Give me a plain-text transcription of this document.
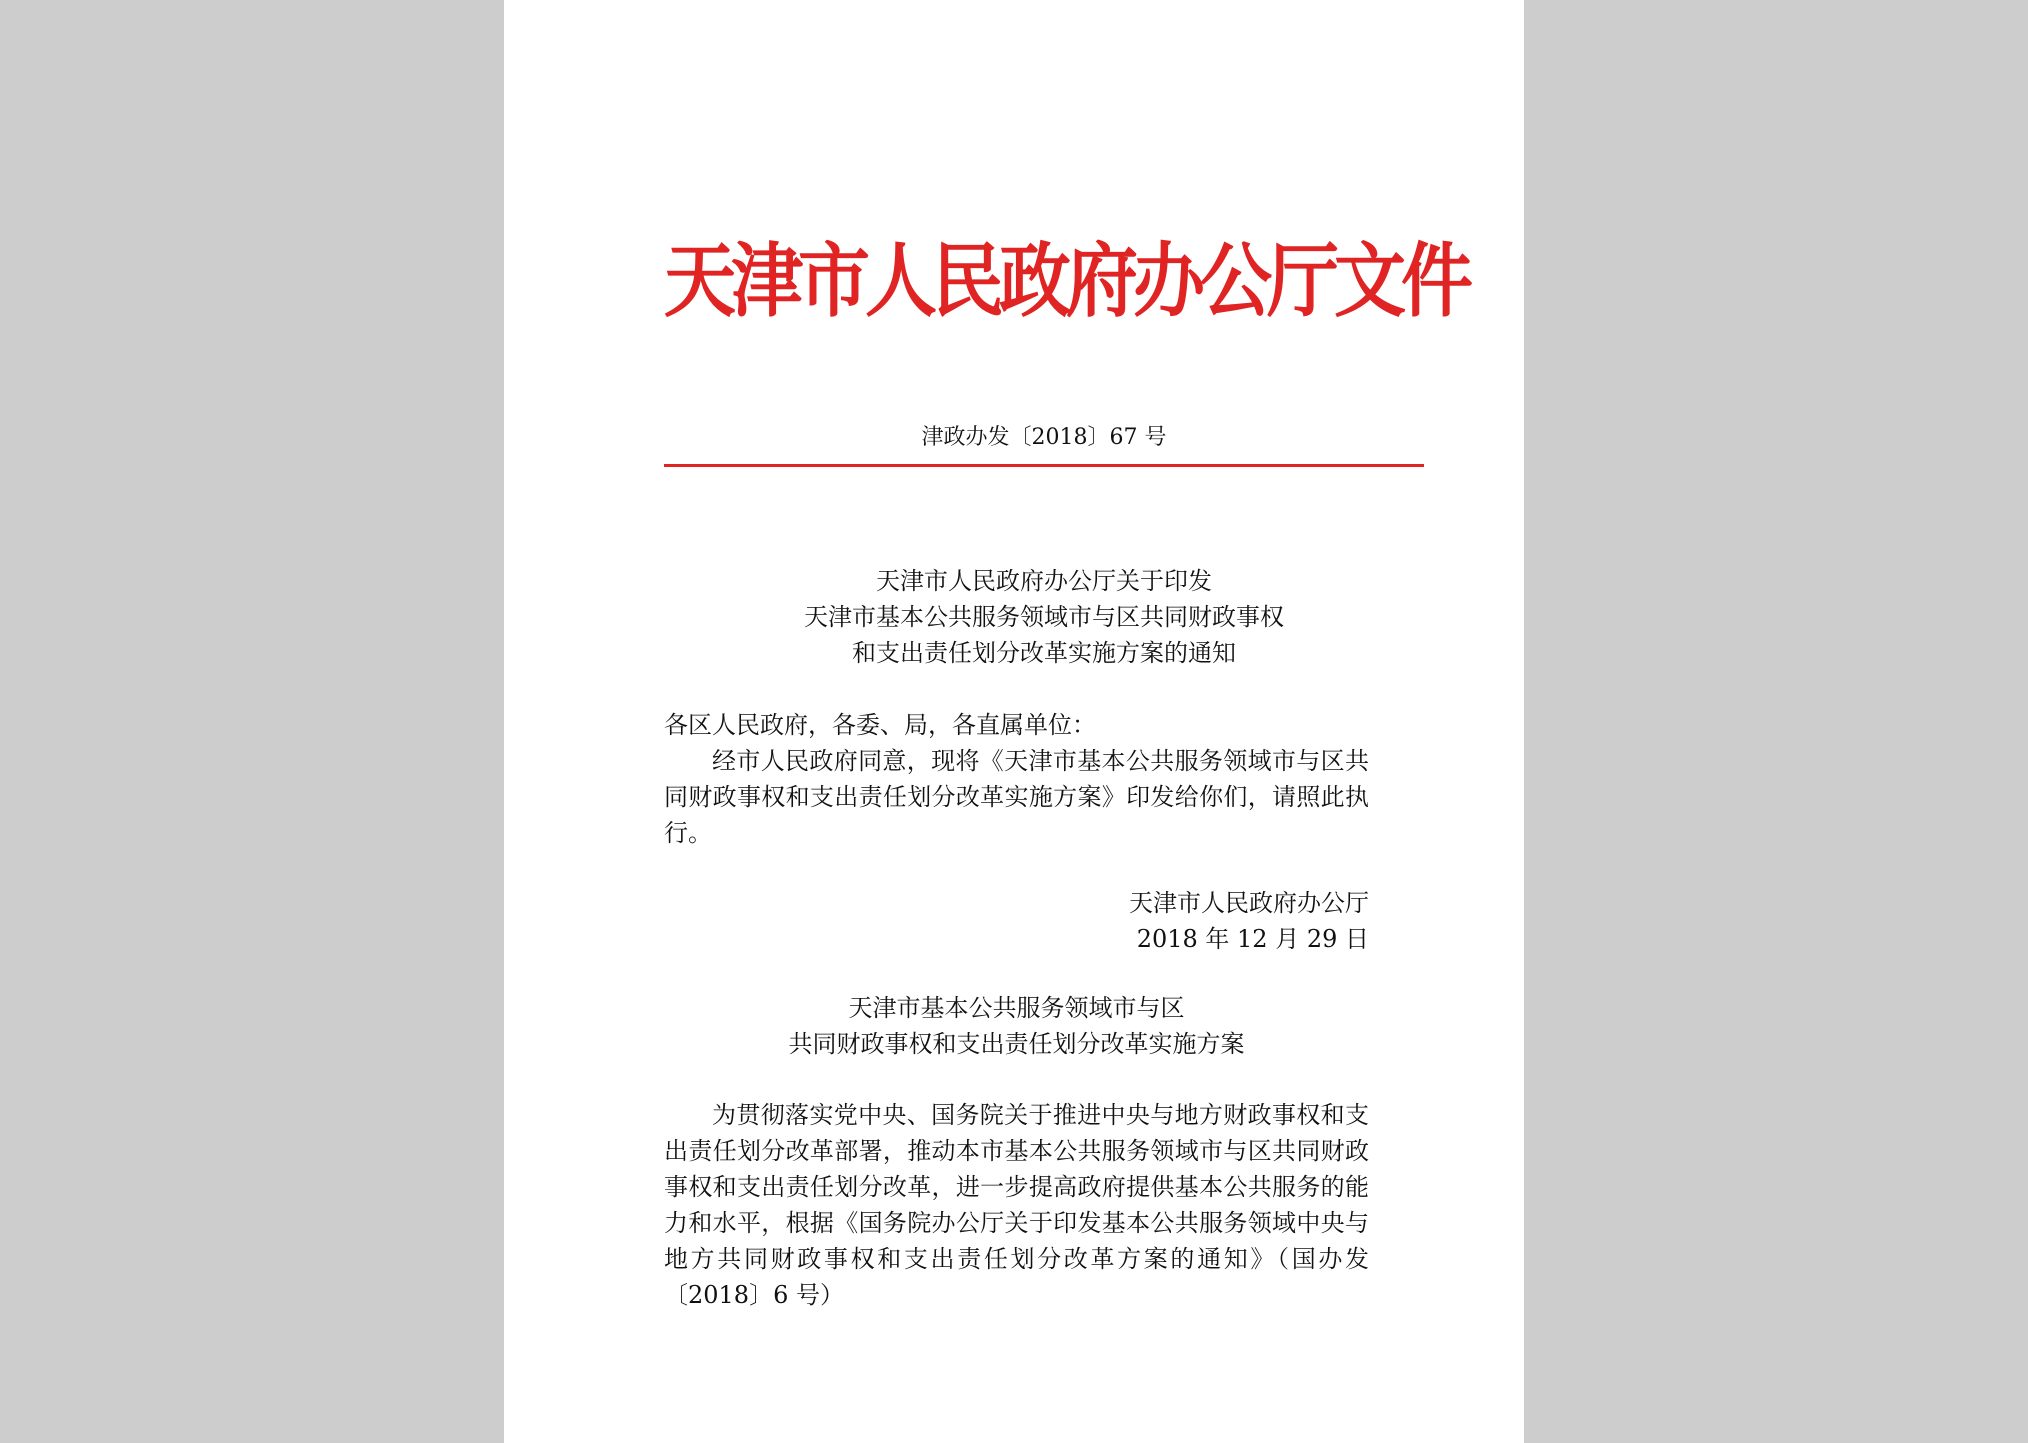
天津市人民政府办公厅文件
津政办发〔2018〕67 号
天津市人民政府办公厅关于印发
天津市基本公共服务领域市与区共同财政事权
和支出责任划分改革实施方案的通知
各区人民政府，各委、局，各直属单位：
经市人民政府同意，现将《天津市基本公共服务领域市与区共同财政事权和支出责任划分改革实施方案》印发给你们，请照此执行。
天津市人民政府办公厅
2018 年 12 月 29 日
天津市基本公共服务领域市与区
共同财政事权和支出责任划分改革实施方案
为贯彻落实党中央、国务院关于推进中央与地方财政事权和支出责任划分改革部署，推动本市基本公共服务领域市与区共同财政事权和支出责任划分改革，进一步提高政府提供基本公共服务的能力和水平，根据《国务院办公厅关于印发基本公共服务领域中央与地方共同财政事权和支出责任划分改革方案的通知》（国办发〔2018〕6 号）
